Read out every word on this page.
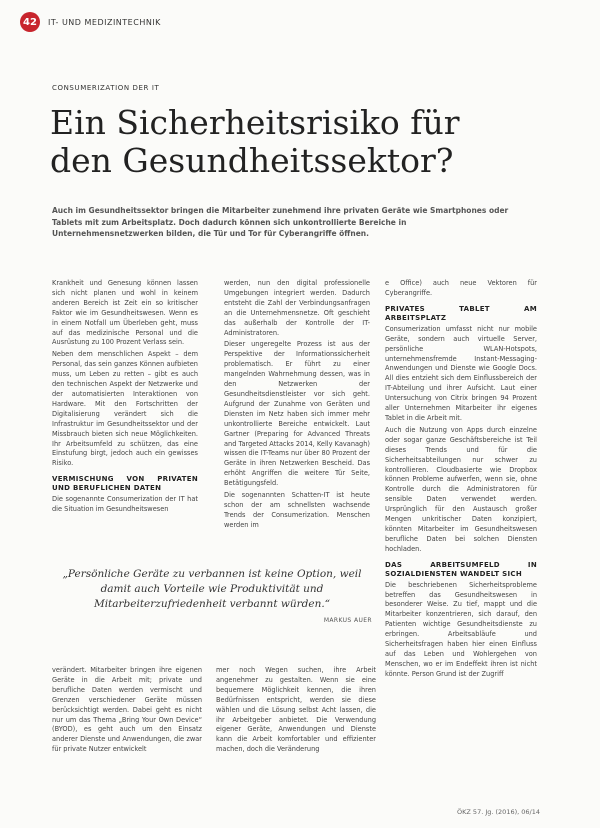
42	IT- UND MEDIZINTECHNIK
CONSUMERIZATION DER IT
Ein Sicherheitsrisiko für den Gesundheitssektor?
Auch im Gesundheitssektor bringen die Mitarbeiter zunehmend ihre privaten Geräte wie Smartphones oder Tablets mit zum Arbeitsplatz. Doch dadurch können sich unkontrollierte Bereiche in Unternehmensnetzwerken bilden, die Tür und Tor für Cyberangriffe öffnen.

Krankheit und Genesung können lassen sich nicht planen und wohl in keinem anderen Bereich ist Zeit ein so kritischer Faktor wie im Gesundheitswesen. Wenn es in einem Notfall um Überleben geht, muss auf das medizinische Personal und die Ausrüstung zu 100 Prozent Verlass sein.

Neben dem menschlichen Aspekt – dem Personal, das sein ganzes Können aufbieten muss, um Leben zu retten – gibt es auch den technischen Aspekt der Netzwerke und der automatisierten Interaktionen von Hardware. Mit den Fortschritten der Digitalisierung verändert sich die Infrastruktur im Gesundheitssektor und der Missbrauch bieten sich neue Möglichkeiten. Ihr Arbeitsumfeld zu schützen, das eine Einstufung birgt, jedoch auch ein gewisses Risiko.

VERMISCHUNG VON PRIVATEN UND BERUFLICHEN DATEN

Die sogenannte Consumerization der IT hat die Situation im Gesundheitswesen

werden, nun den digital professionelle Umgebungen integriert werden. Dadurch entsteht die Zahl der Verbindungsanfragen an die Unternehmensnetze. Oft geschieht das außerhalb der Kontrolle der IT-Administratoren.

Dieser ungeregelte Prozess ist aus der Perspektive der Informationssicherheit problematisch. Er führt zu einer mangelnden Wahrnehmung dessen, was in den Netzwerken der Gesundheitsdienstleister vor sich geht. Aufgrund der Zunahme von Geräten und Diensten im Netz haben sich immer mehr unkontrollierte Bereiche entwickelt. Laut Gartner (Preparing for Advanced Threats and Targeted Attacks 2014, Kelly Kavanagh) wissen die IT-Teams nur über 80 Prozent der Geräte in ihren Netzwerken Bescheid. Das erhöht Angriffen die weitere Tür Seite, Betätigungsfeld.

Die sogenannten Schatten-IT ist heute schon der am schnellsten wachsende Trends der Consumerization. Menschen werden im

e Office) auch neue Vektoren für Cyberangriffe.

PRIVATES TABLET AM ARBEITSPLATZ

Consumerization umfasst nicht nur mobile Geräte, sondern auch virtuelle Server, persönliche WLAN-Hotspots, unternehmensfremde Instant-Messaging-Anwendungen und Dienste wie Google Docs. All dies entzieht sich dem Einflussbereich der IT-Abteilung und ihrer Aufsicht. Laut einer Untersuchung von Citrix bringen 94 Prozent aller Unternehmen Mitarbeiter ihr eigenes Tablet in die Arbeit mit.

Auch die Nutzung von Apps durch einzelne oder sogar ganze Geschäftsbereiche ist Teil dieses Trends und für die Sicherheitsabteilungen nur schwer zu kontrollieren. Cloudbasierte wie Dropbox können Probleme aufwerfen, wenn sie, ohne Kontrolle durch die Administratoren für sensible Daten verwendet werden. Ursprünglich für den Austausch großer Mengen unkritischer Daten konzipiert, könnten Mitarbeiter im Gesundheitswesen berufliche Daten bei solchen Diensten hochladen.

DAS ARBEITSUMFELD IN SOZIALDIENSTEN WANDELT SICH

Die beschriebenen Sicherheitsprobleme betreffen das Gesundheitswesen in besonderer Weise. Zu tief, mappt und die Mitarbeiter konzentrieren, sich darauf, den Patienten wichtige Gesundheitsdienste zu erbringen. Arbeitsabläufe und Sicherheitsfragen haben hier einen Einfluss auf das Leben und Wohlergehen von Menschen, wo er im Endeffekt ihren ist nicht könnte. Person Grund ist der Zugriff

„Persönliche Geräte zu verbannen ist keine Option, weil damit auch Vorteile wie Produktivität und Mitarbeiterzufriedenheit verbannt würden.“
MARKUS AUER

verändert. Mitarbeiter bringen ihre eigenen Geräte in die Arbeit mit; private und berufliche Daten werden vermischt und Grenzen verschiedener Geräte müssen berücksichtigt werden. Dabei geht es nicht nur um das Thema „Bring Your Own Device“ (BYOD), es geht auch um den Einsatz anderer Dienste und Anwendungen, die zwar für private Nutzer entwickelt

mer noch Wegen suchen, ihre Arbeit angenehmer zu gestalten. Wenn sie eine bequemere Möglichkeit kennen, die ihren Bedürfnissen entspricht, werden sie diese wählen und die Lösung selbst Acht lassen, die ihr Arbeitgeber anbietet. Die Verwendung eigener Geräte, Anwendungen und Dienste kann die Arbeit komfortabler und effizienter machen, doch die Veränderung

ÖKZ 57. Jg. (2016), 06/14
